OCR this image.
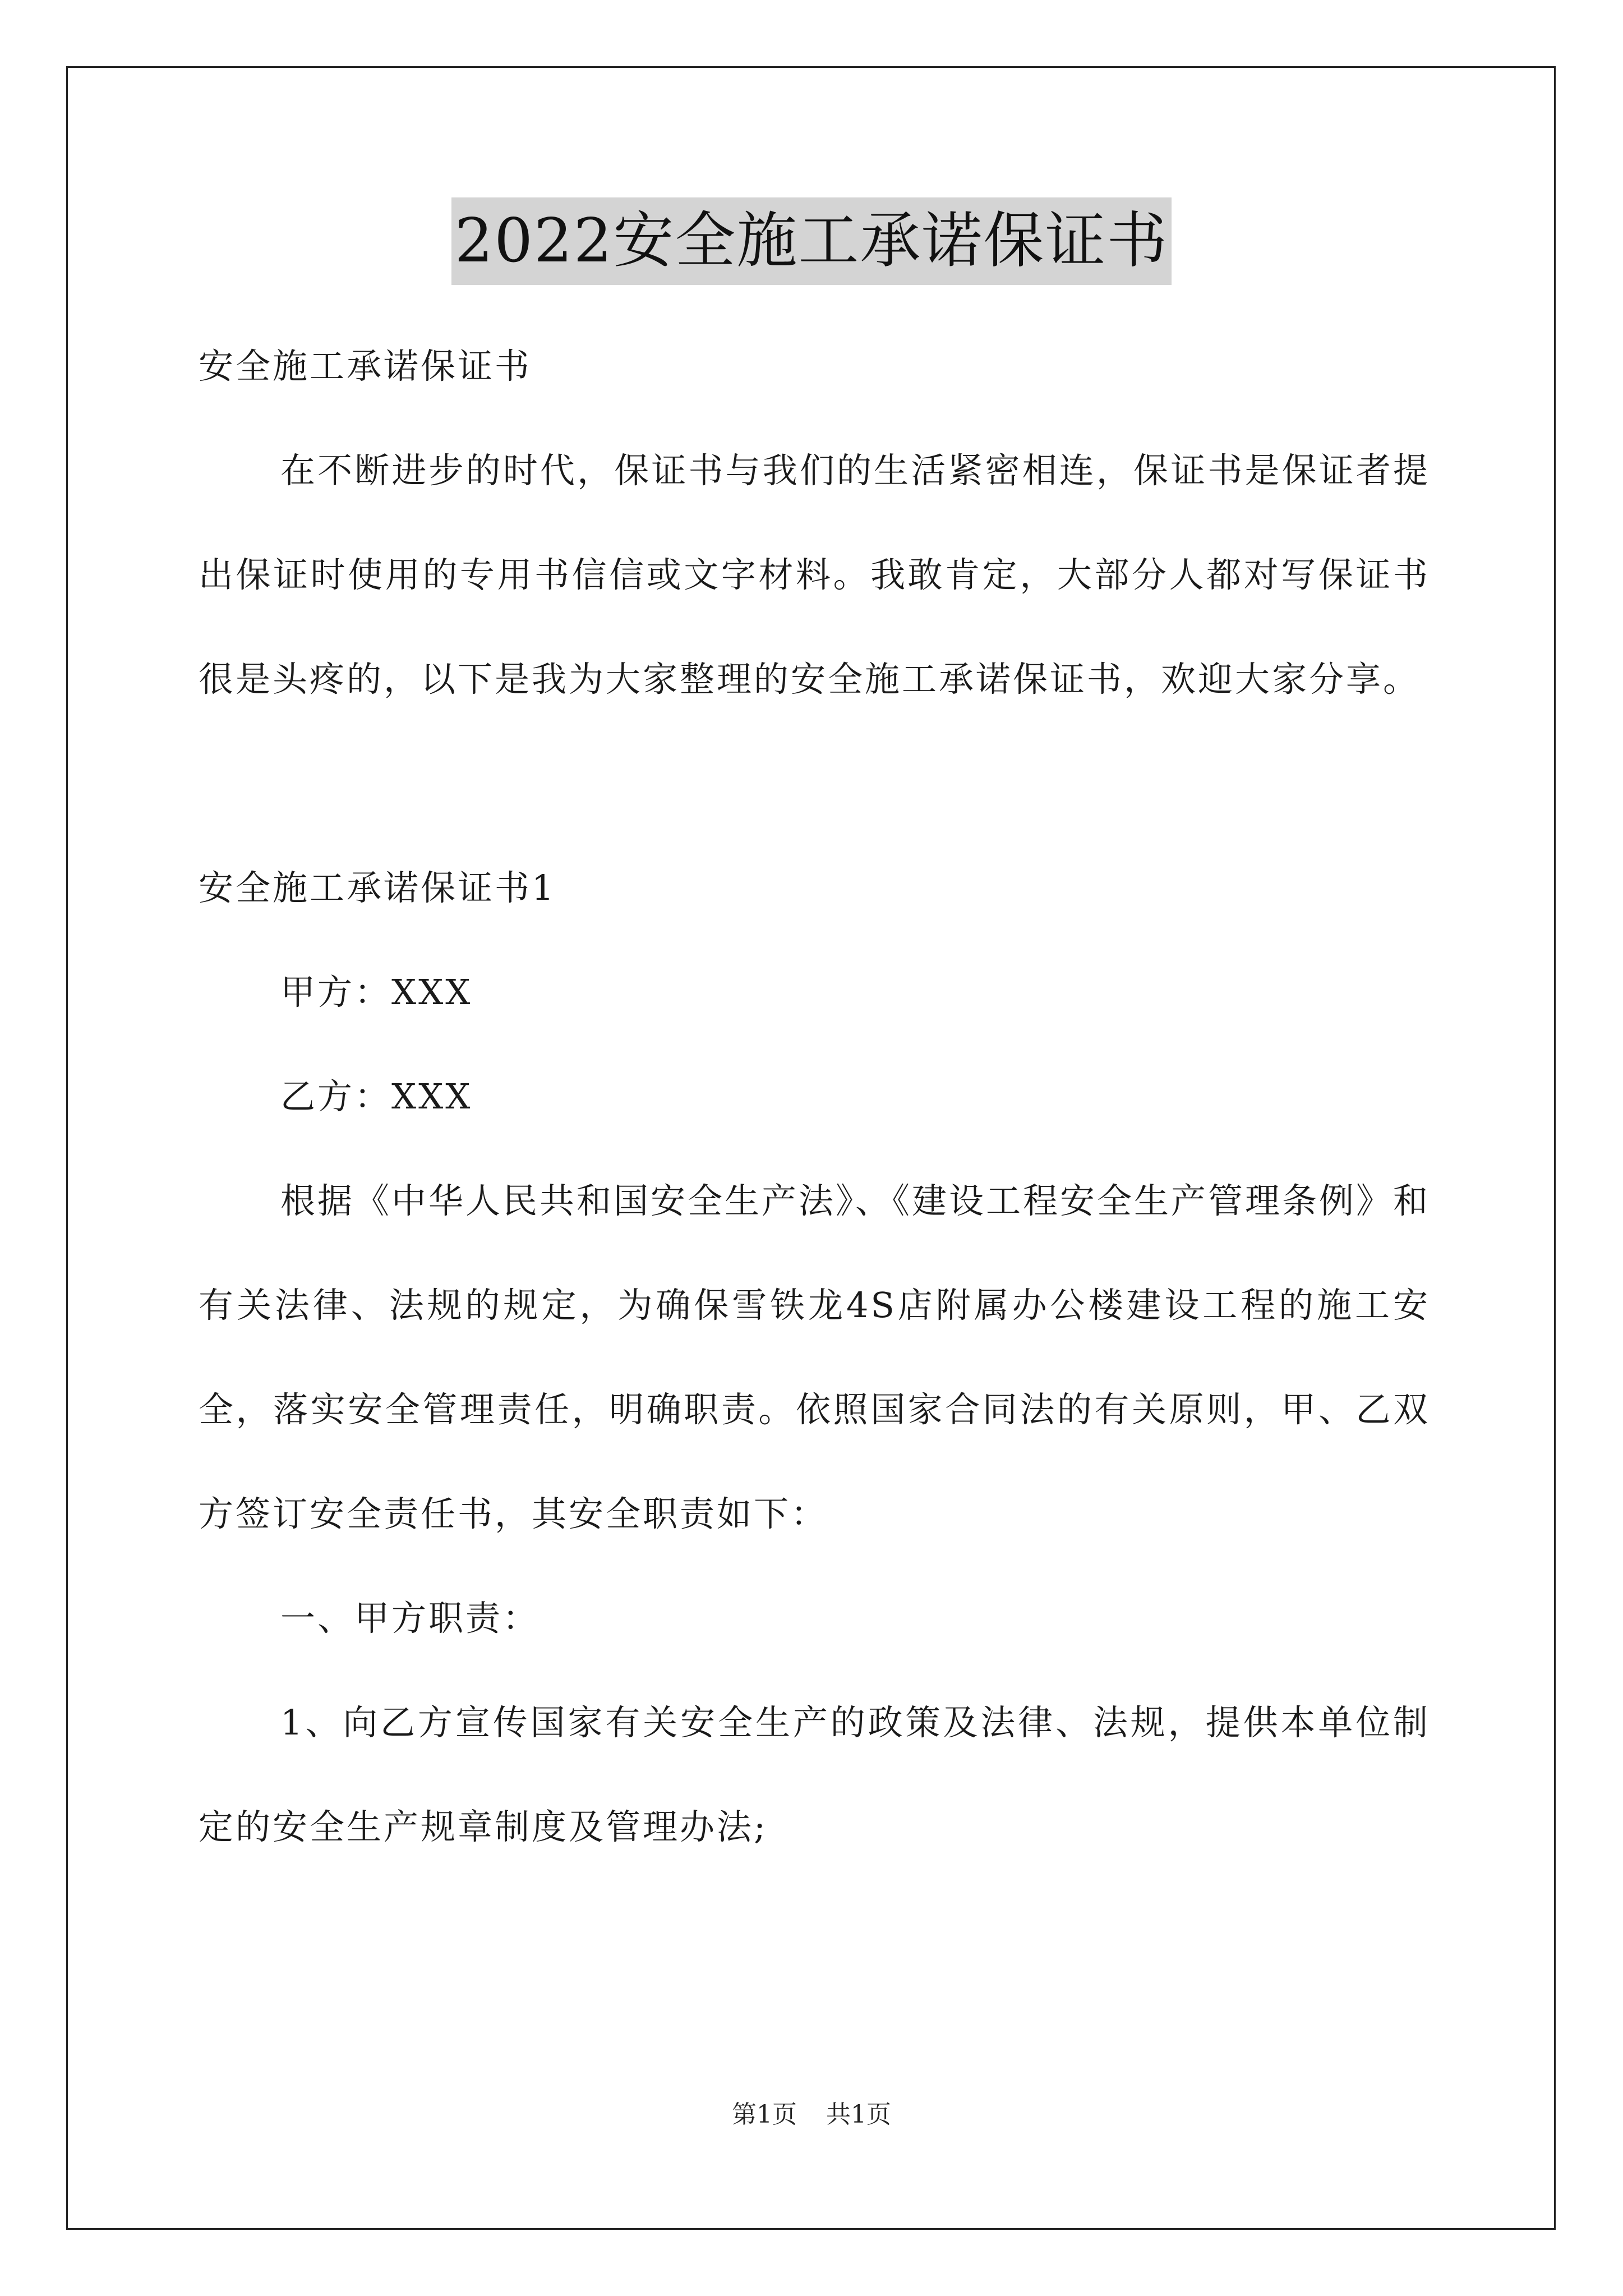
2022安全施工承诺保证书

安全施工承诺保证书

在不断进步的时代，保证书与我们的生活紧密相连，保证书是保证者提出保证时使用的专用书信信或文字材料。我敢肯定，大部分人都对写保证书很是头疼的，以下是我为大家整理的安全施工承诺保证书，欢迎大家分享。

安全施工承诺保证书1

甲方：XXX

乙方：XXX

根据《中华人民共和国安全生产法》、《建设工程安全生产管理条例》和有关法律、法规的规定，为确保雪铁龙4S店附属办公楼建设工程的施工安全，落实安全管理责任，明确职责。依照国家合同法的有关原则，甲、乙双方签订安全责任书，其安全职责如下：

一、甲方职责：

1、向乙方宣传国家有关安全生产的政策及法律、法规，提供本单位制定的安全生产规章制度及管理办法;

第1页 共1页
